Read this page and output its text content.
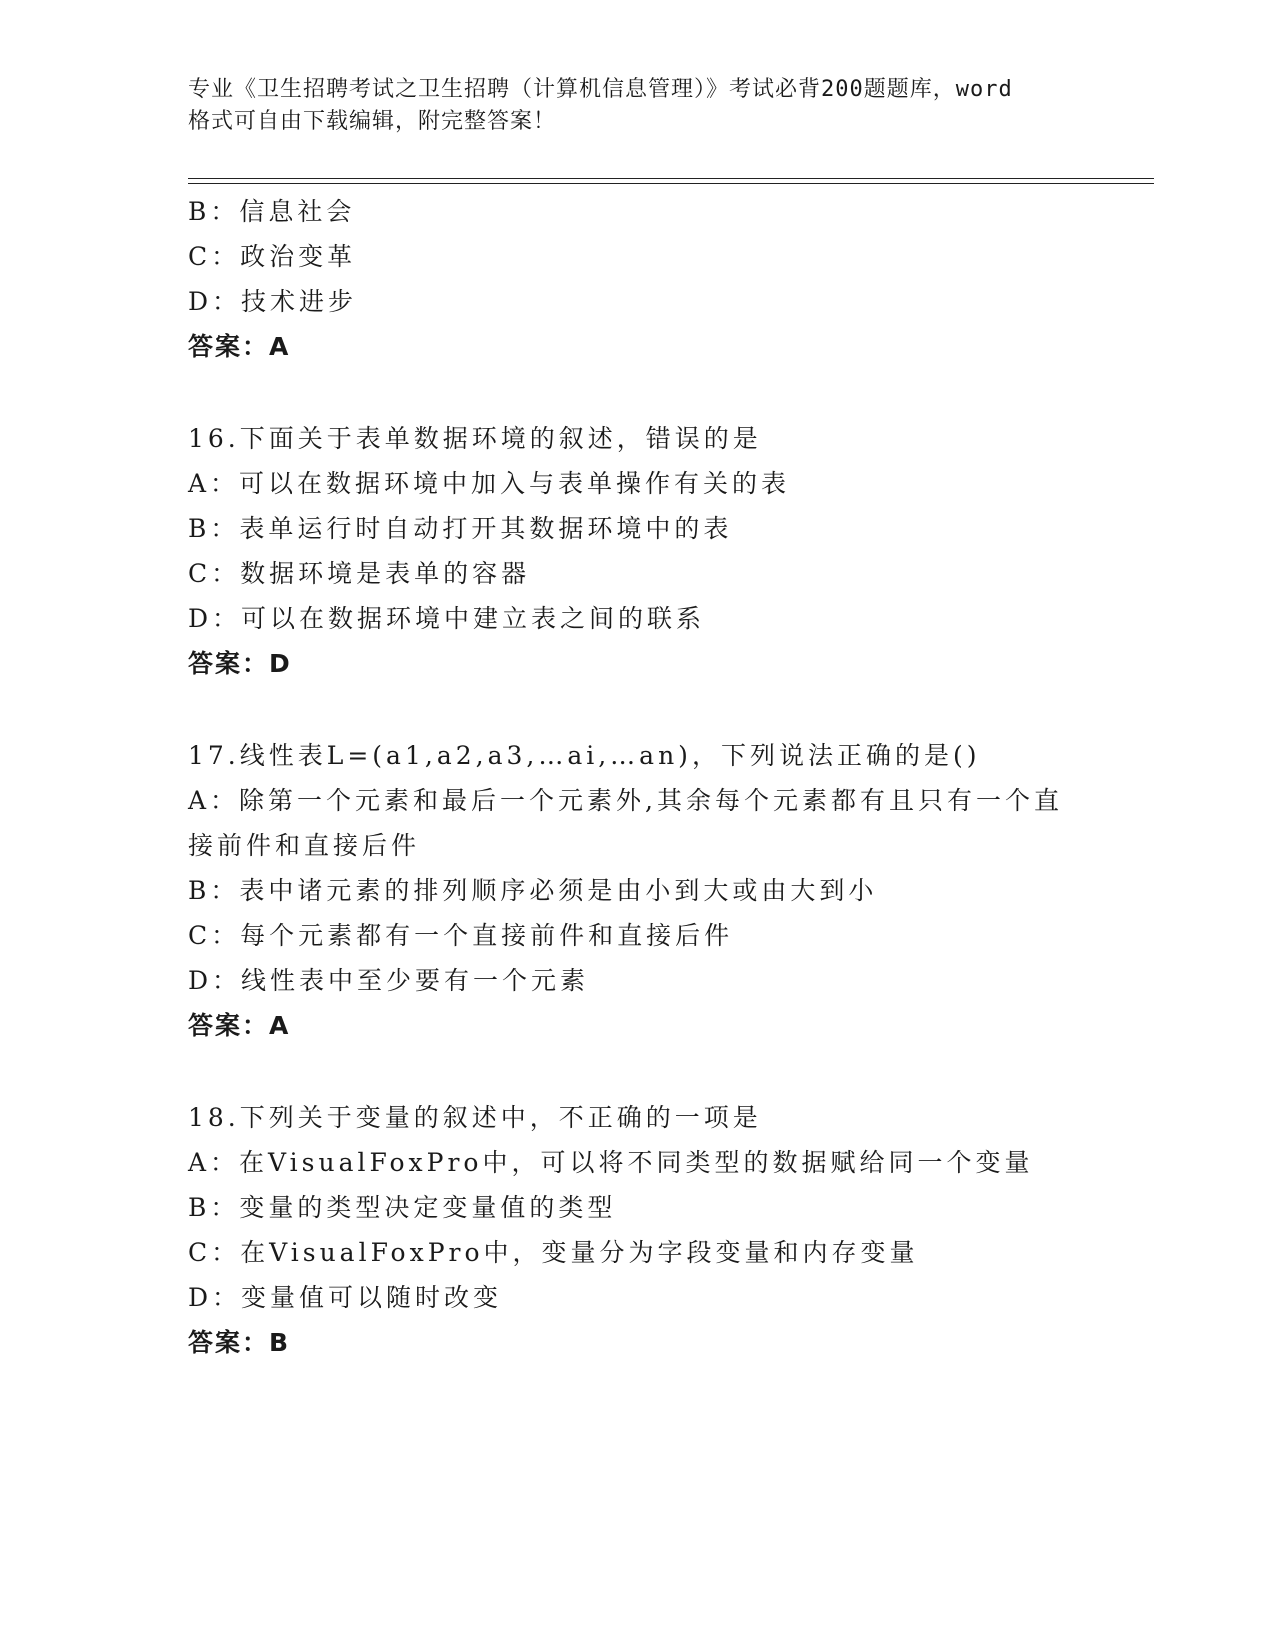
专业《卫生招聘考试之卫生招聘（计算机信息管理）》考试必背200题题库，word
格式可自由下载编辑，附完整答案！
B：信息社会
C：政治变革
D：技术进步
答案：A
16.下面关于表单数据环境的叙述，错误的是
A：可以在数据环境中加入与表单操作有关的表
B：表单运行时自动打开其数据环境中的表
C：数据环境是表单的容器
D：可以在数据环境中建立表之间的联系
答案：D
17.线性表L=(a1,a2,a3,…ai,…an)，下列说法正确的是()
A：除第一个元素和最后一个元素外,其余每个元素都有且只有一个直
接前件和直接后件
B：表中诸元素的排列顺序必须是由小到大或由大到小
C：每个元素都有一个直接前件和直接后件
D：线性表中至少要有一个元素
答案：A
18.下列关于变量的叙述中，不正确的一项是
A：在VisualFoxPro中，可以将不同类型的数据赋给同一个变量
B：变量的类型决定变量值的类型
C：在VisualFoxPro中，变量分为字段变量和内存变量
D：变量值可以随时改变
答案：B
